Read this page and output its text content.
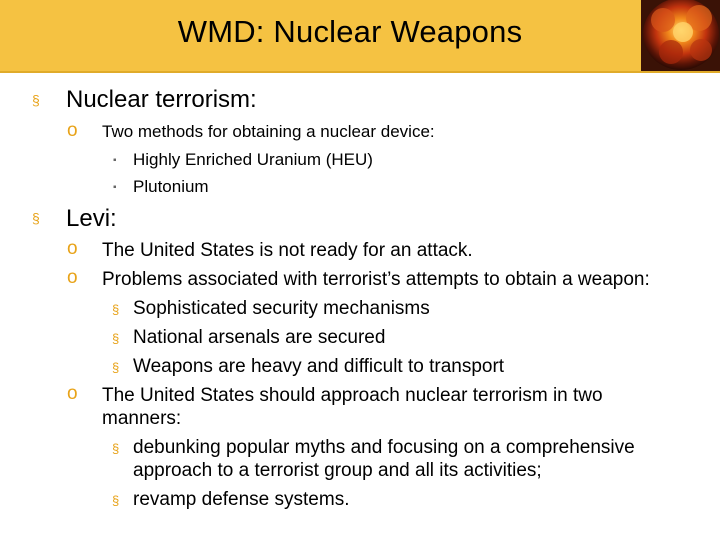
WMD: Nuclear Weapons
§ Nuclear terrorism:
o Two methods for obtaining a nuclear device:
▪ Highly Enriched Uranium (HEU)
▪ Plutonium
§ Levi:
o The United States is not ready for an attack.
o Problems associated with terrorist’s attempts to obtain a weapon:
§ Sophisticated security mechanisms
§ National arsenals are secured
§ Weapons are heavy and difficult to transport
o The United States should approach nuclear terrorism in two
manners:
§ debunking popular myths and focusing on a comprehensive
approach to a terrorist group and all its activities;
§ revamp defense systems.
